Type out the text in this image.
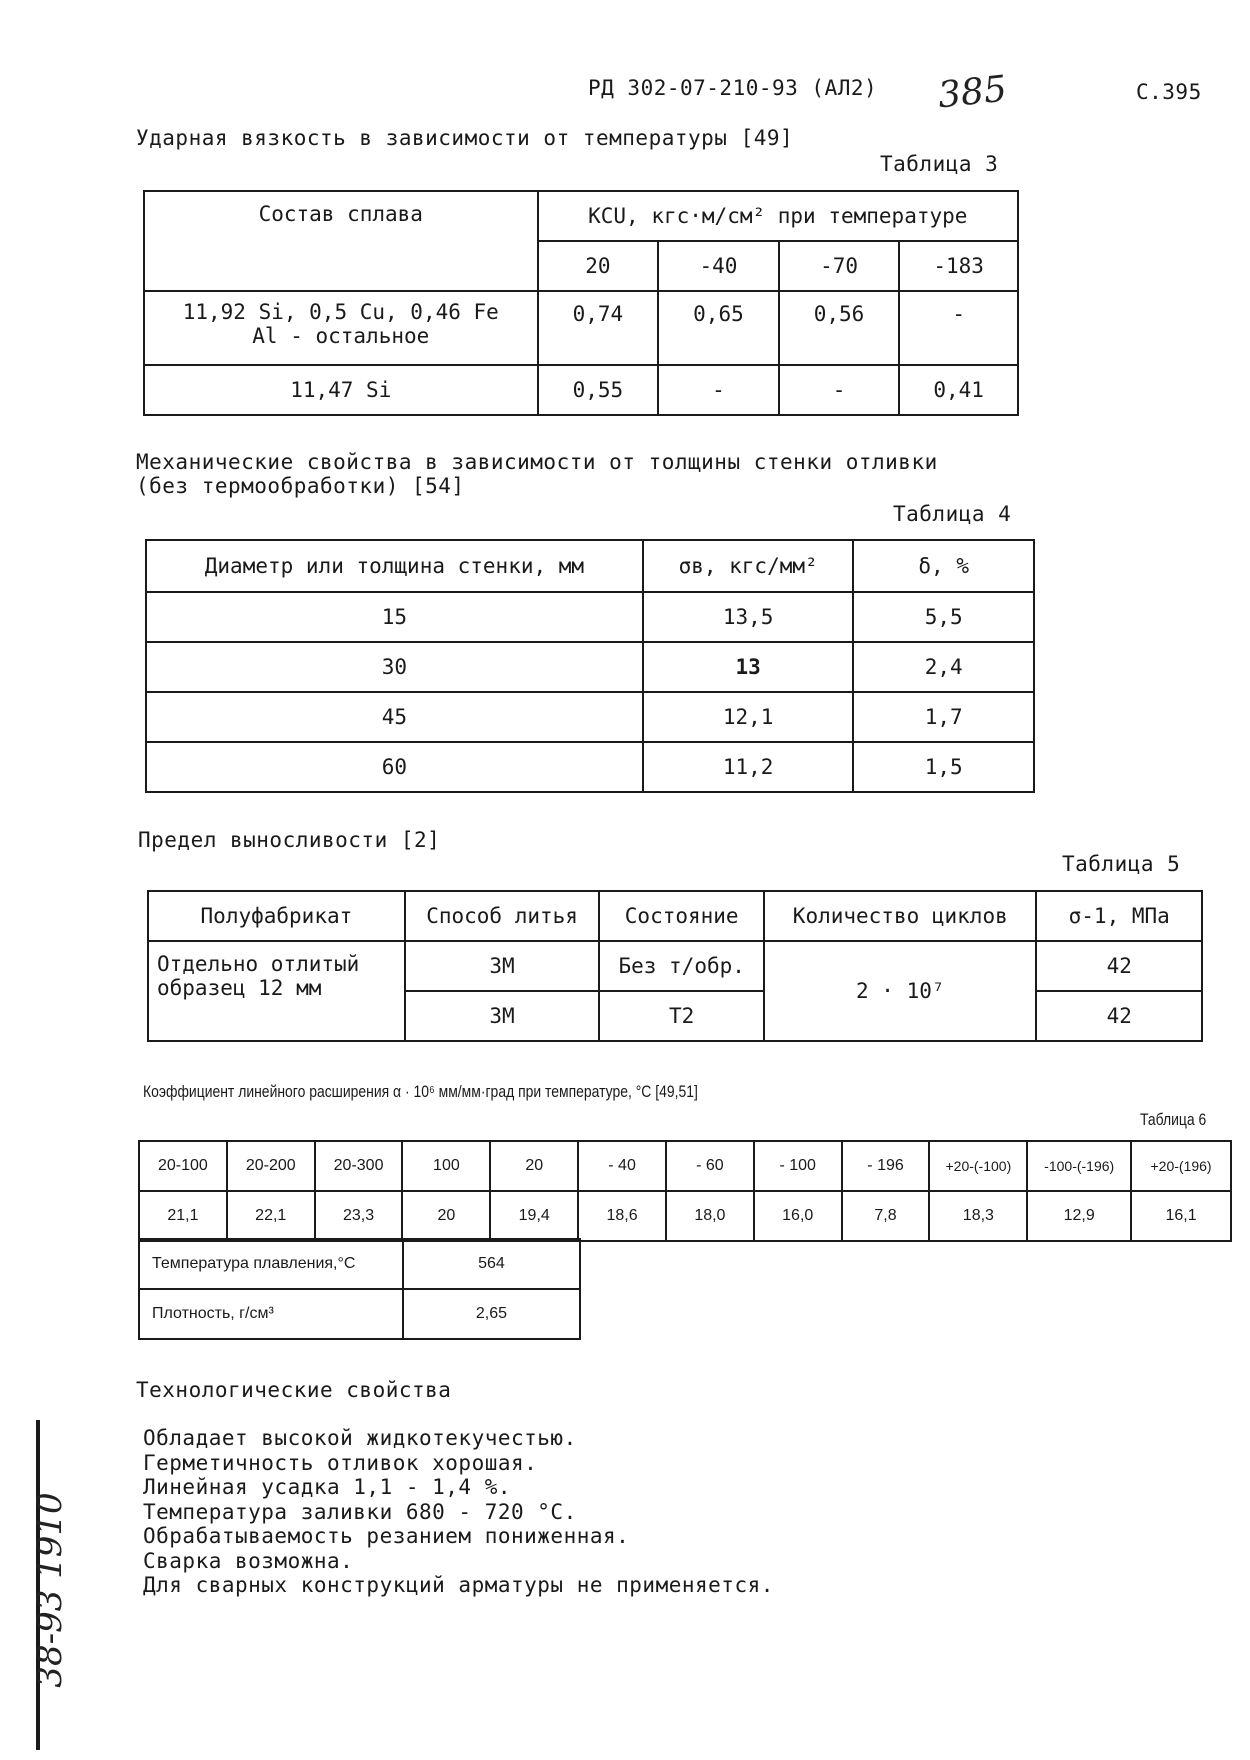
РД 302-07-210-93 (АЛ2) 385	С.395
Ударная вязкость в зависимости от температуры [49]
Таблица 3
Состав сплава	KCU, кгс·м/см² при температуре			
	20	-40	-70	-183

11,92 Si, 0,5 Cu, 0,46 Fe
Al - остальное	0,74	0,65	0,56	-
11,47 Si	0,55	-	-	0,41
Механические свойства в зависимости от толщины стенки отливки
(без термообработки) [54]
Таблица 4
Диаметр или толщина стенки, мм	σв, кгс/мм²	δ, %
15	13,5	5,5
30	13	2,4
45	12,1	1,7
60	11,2	1,5
Предел выносливости [2]
Таблица 5
Полуфабрикат	Способ литья	Состояние	Количество циклов	σ-1, МПа

Отдельно отлитый
образец 12 мм	ЗМ	Без т/обр.	2 · 10⁷	42
	ЗМ	Т2		42
Коэффициент линейного расширения α · 10⁶ мм/мм·град при температуре, °C [49,51]
Таблица 6
20-100	20-200	20-300	100	20	- 40	- 60	- 100	- 196	+20-(-100)	-100-(-196)	+20-(196)
21,1	22,1	23,3	20	19,4	18,6	18,0	16,0	7,8	18,3	12,9	16,1
Температура плавления,°C	564
Плотность, г/см³	2,65
Технологические свойства
Обладает высокой жидкотекучестью.
Герметичность отливок хорошая.
Линейная усадка 1,1 - 1,4 %.
Температура заливки 680 - 720 °C.
Обрабатываемость резанием пониженная.
Сварка возможна.
Для сварных конструкций арматуры не применяется.
38-93 1910
